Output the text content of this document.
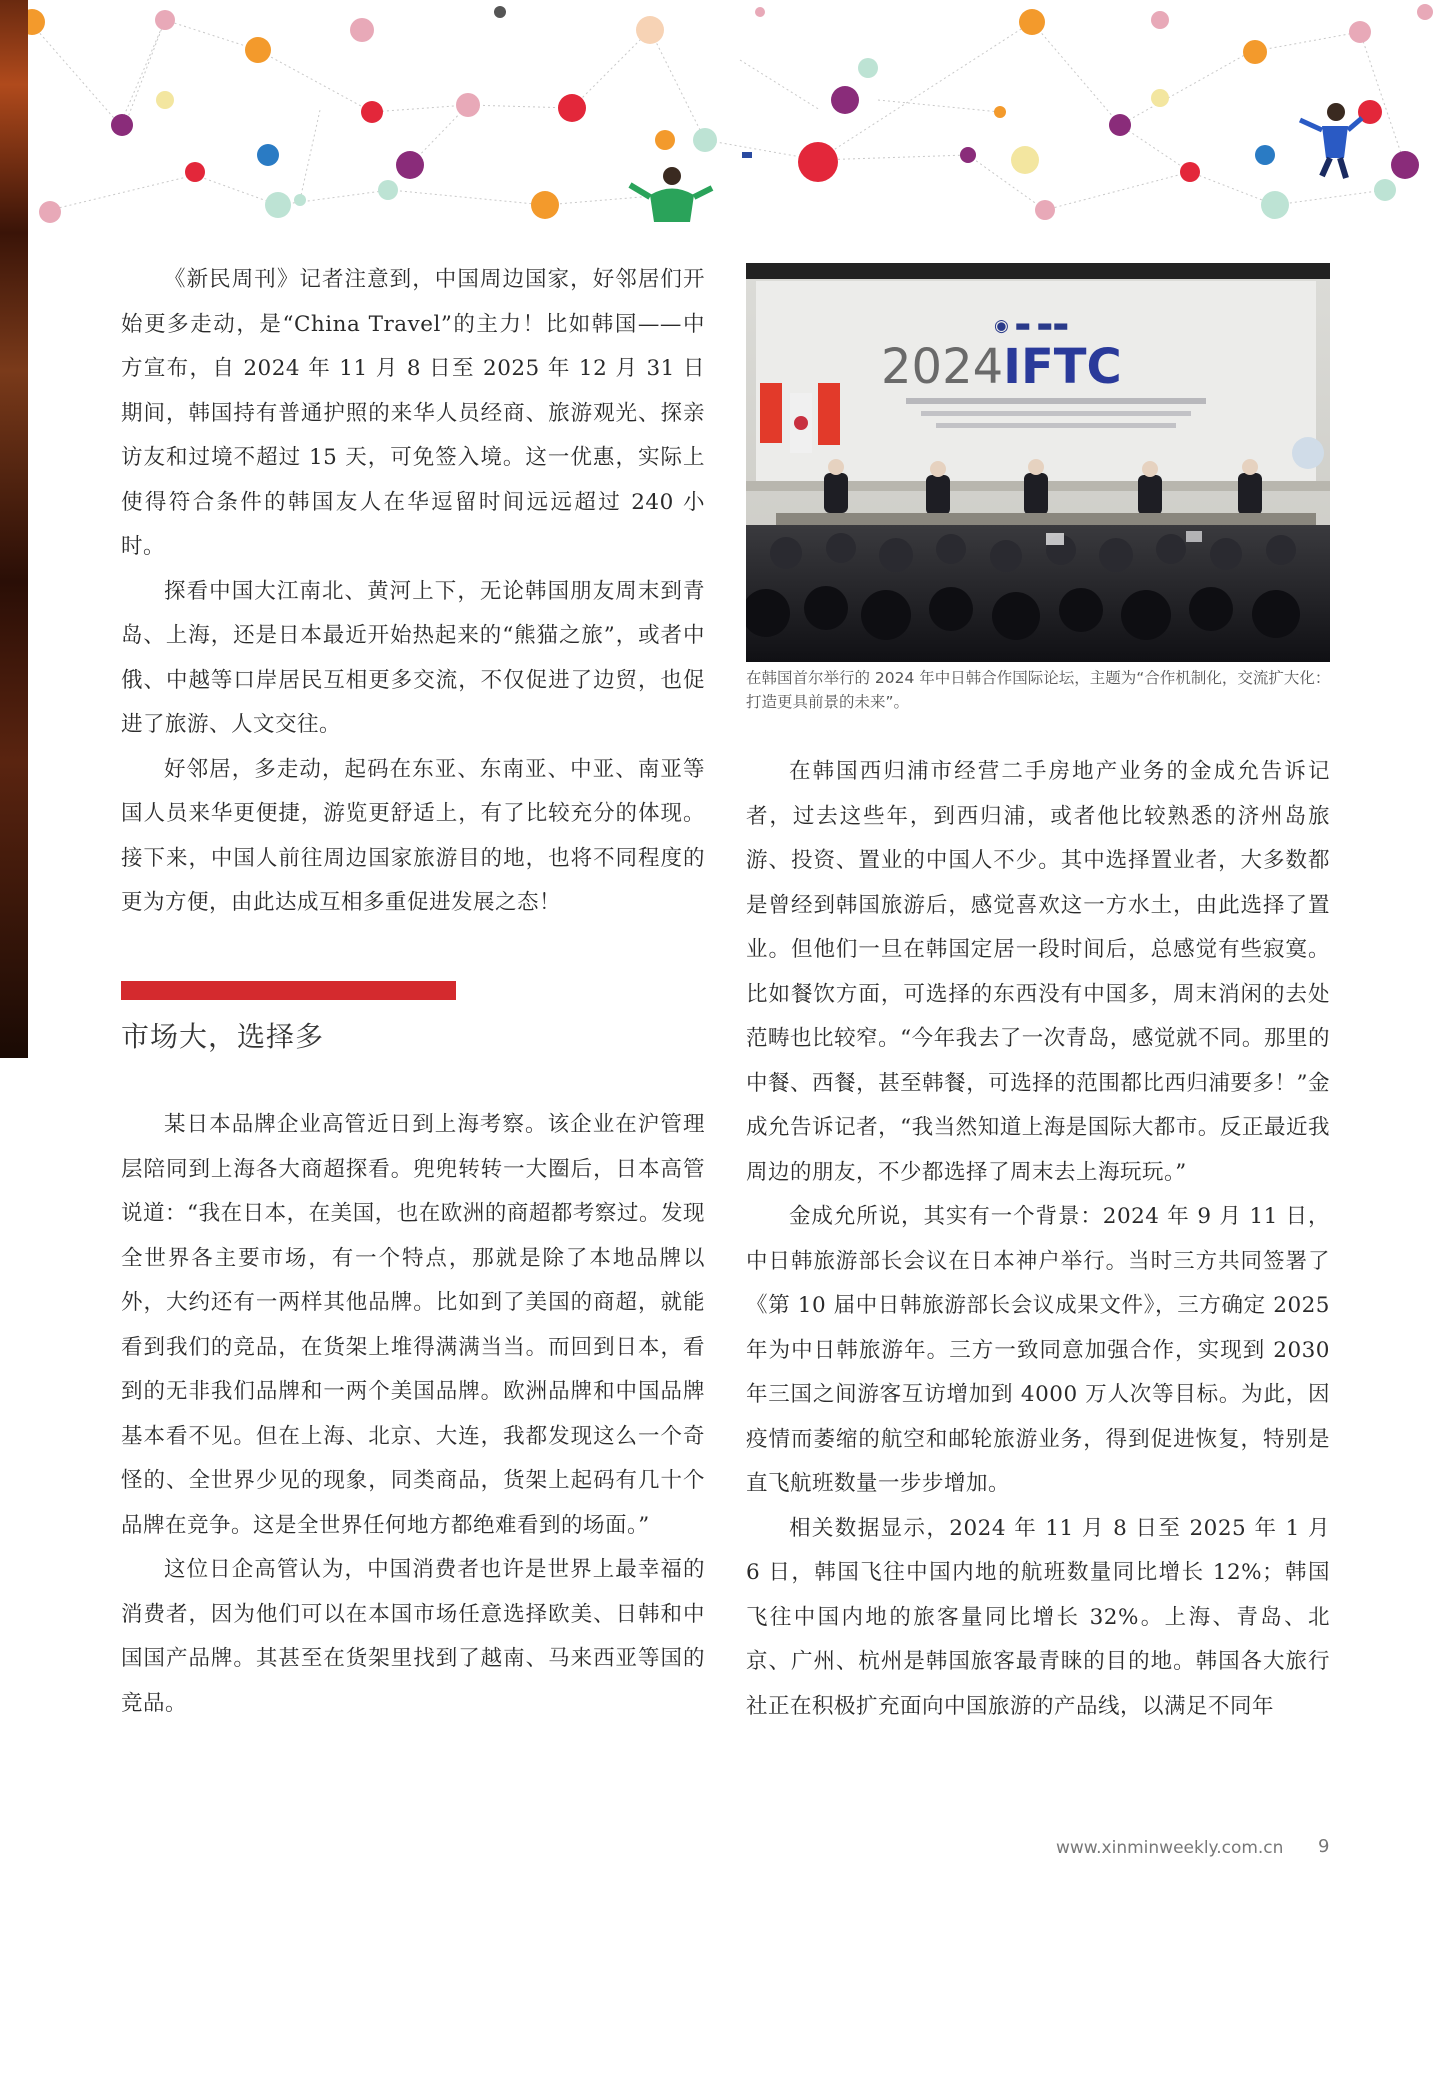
《新民周刊》记者注意到，中国周边国家，好邻居们开始更多走动，是“China Travel”的主力！比如韩国——中方宣布，自 2024 年 11 月 8 日至 2025 年 12 月 31 日期间，韩国持有普通护照的来华人员经商、旅游观光、探亲访友和过境不超过 15 天，可免签入境。这一优惠，实际上使得符合条件的韩国友人在华逗留时间远远超过 240 小时。

探看中国大江南北、黄河上下，无论韩国朋友周末到青岛、上海，还是日本最近开始热起来的“熊猫之旅”，或者中俄、中越等口岸居民互相更多交流，不仅促进了边贸，也促进了旅游、人文交往。

好邻居，多走动，起码在东亚、东南亚、中亚、南亚等国人员来华更便捷，游览更舒适上，有了比较充分的体现。接下来，中国人前往周边国家旅游目的地，也将不同程度的更为方便，由此达成互相多重促进发展之态！

市场大，选择多

某日本品牌企业高管近日到上海考察。该企业在沪管理层陪同到上海各大商超探看。兜兜转转一大圈后，日本高管说道：“我在日本，在美国，也在欧洲的商超都考察过。发现全世界各主要市场，有一个特点，那就是除了本地品牌以外，大约还有一两样其他品牌。比如到了美国的商超，就能看到我们的竞品，在货架上堆得满满当当。而回到日本，看到的无非我们品牌和一两个美国品牌。欧洲品牌和中国品牌基本看不见。但在上海、北京、大连，我都发现这么一个奇怪的、全世界少见的现象，同类商品，货架上起码有几十个品牌在竞争。这是全世界任何地方都绝难看到的场面。”

这位日企高管认为，中国消费者也许是世界上最幸福的消费者，因为他们可以在本国市场任意选择欧美、日韩和中国国产品牌。其甚至在货架里找到了越南、马来西亚等国的竞品。

◉ ▬ ▬▬
2024IFTC
在韩国首尔举行的 2024 年中日韩合作国际论坛，主题为“合作机制化，交流扩大化：打造更具前景的未来”。

在韩国西归浦市经营二手房地产业务的金成允告诉记者，过去这些年，到西归浦，或者他比较熟悉的济州岛旅游、投资、置业的中国人不少。其中选择置业者，大多数都是曾经到韩国旅游后，感觉喜欢这一方水土，由此选择了置业。但他们一旦在韩国定居一段时间后，总感觉有些寂寞。比如餐饮方面，可选择的东西没有中国多，周末消闲的去处范畴也比较窄。“今年我去了一次青岛，感觉就不同。那里的中餐、西餐，甚至韩餐，可选择的范围都比西归浦要多！”金成允告诉记者，“我当然知道上海是国际大都市。反正最近我周边的朋友，不少都选择了周末去上海玩玩。”

金成允所说，其实有一个背景：2024 年 9 月 11 日，中日韩旅游部长会议在日本神户举行。当时三方共同签署了《第 10 届中日韩旅游部长会议成果文件》，三方确定 2025 年为中日韩旅游年。三方一致同意加强合作，实现到 2030 年三国之间游客互访增加到 4000 万人次等目标。为此，因疫情而萎缩的航空和邮轮旅游业务，得到促进恢复，特别是直飞航班数量一步步增加。

相关数据显示，2024 年 11 月 8 日至 2025 年 1 月 6 日，韩国飞往中国内地的航班数量同比增长 12%；韩国飞往中国内地的旅客量同比增长 32%。上海、青岛、北京、广州、杭州是韩国旅客最青睐的目的地。韩国各大旅行社正在积极扩充面向中国旅游的产品线，以满足不同年

www.xinminweekly.com.cn 9
